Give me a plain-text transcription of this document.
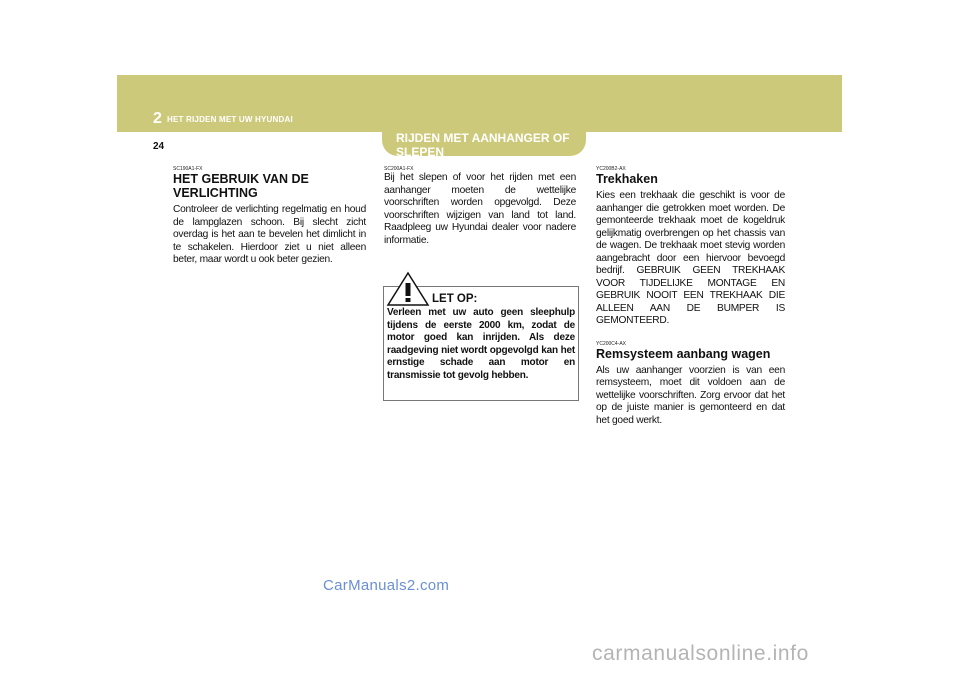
2 HET RIJDEN MET UW HYUNDAI
24
RIJDEN MET AANHANGER OF SLEPEN
SC190A1-FX
HET GEBRUIK VAN DE VERLICHTING
Controleer de verlichting regelmatig en houd de lampglazen schoon. Bij slecht zicht overdag is het aan te bevelen het dimlicht in te schakelen. Hierdoor ziet u niet alleen beter, maar wordt u ook beter gezien.
SC200A1-FX
Bij het slepen of voor het rijden met een aanhanger moeten de wettelijke voorschriften worden opgevolgd. Deze voorschriften wijzigen van land tot land. Raadpleeg uw Hyundai dealer voor nadere informatie.
LET OP:
Verleen met uw auto geen sleephulp tijdens de eerste 2000 km, zodat de motor goed kan inrijden. Als deze raadgeving niet wordt opgevolgd kan het ernstige schade aan motor en transmissie tot gevolg hebben.
YC200B2-AX
Trekhaken
Kies een trekhaak die geschikt is voor de aanhanger die getrokken moet worden. De gemonteerde trekhaak moet de kogeldruk gelijkmatig overbrengen op het chassis van de wagen. De trekhaak moet stevig worden aangebracht door een hiervoor bevoegd bedrijf. GEBRUIK GEEN TREKHAAK VOOR TIJDELIJKE MONTAGE EN GEBRUIK NOOIT EEN TREKHAAK DIE ALLEEN AAN DE BUMPER IS GEMONTEERD.
YC200C4-AX
Remsysteem aanbang wagen
Als uw aanhanger voorzien is van een remsysteem, moet dit voldoen aan de wettelijke voorschriften. Zorg ervoor dat het op de juiste manier is gemonteerd en dat het goed werkt.
CarManuals2.com
carmanualsonline.info
